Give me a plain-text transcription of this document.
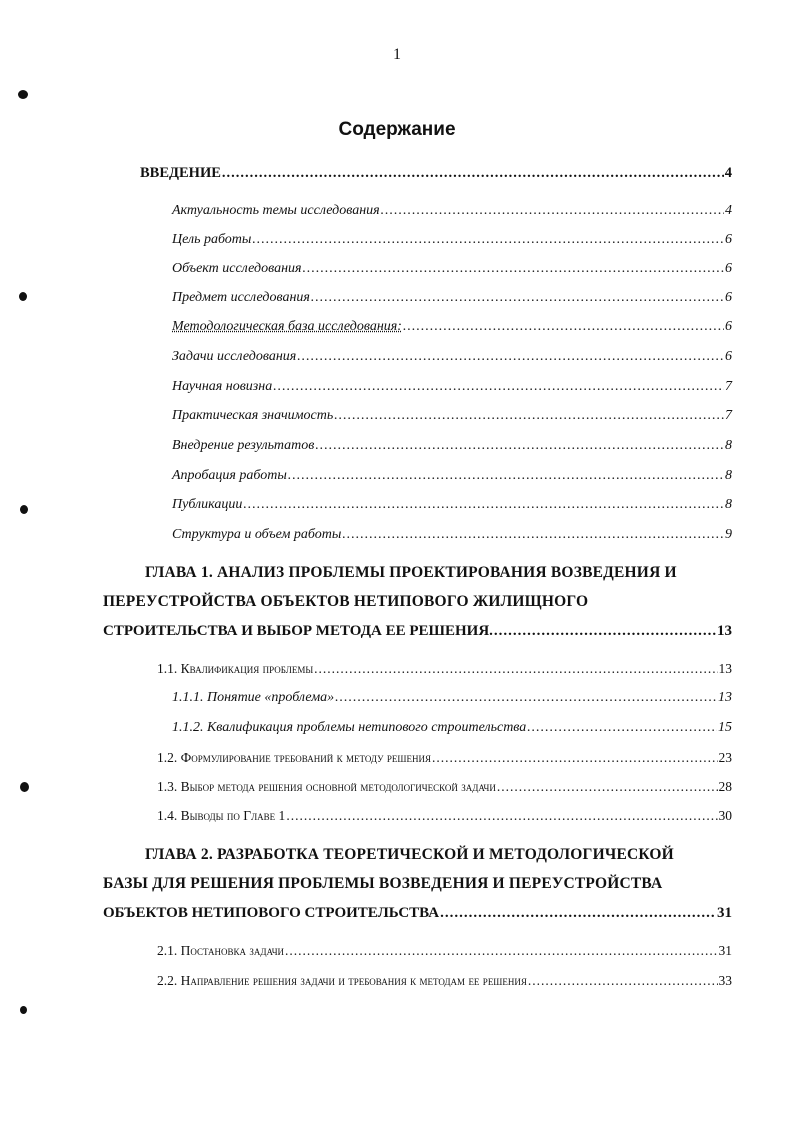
1
Содержание
ВВЕДЕНИЕ .....	4
Актуальность темы исследования .....	4
Цель работы .....	6
Объект исследования .....	6
Предмет исследования .....	6
Методологическая база исследования: .....	6
Задачи исследования .....	6
Научная новизна .....	7
Практическая значимость .....	7
Внедрение результатов .....	8
Апробация работы .....	8
Публикации .....	8
Структура и объем работы .....	9
ГЛАВА 1. АНАЛИЗ ПРОБЛЕМЫ ПРОЕКТИРОВАНИЯ ВОЗВЕДЕНИЯ И
ПЕРЕУСТРОЙСТВА ОБЪЕКТОВ НЕТИПОВОГО ЖИЛИЩНОГО
СТРОИТЕЛЬСТВА И ВЫБОР МЕТОДА ЕЕ РЕШЕНИЯ. .....	13
1.1. Квалификация проблемы .....	13
1.1.1. Понятие «проблема» .....	13
1.1.2. Квалификация проблемы нетипового строительства .....	15
1.2. Формулирование требований к методу решения .....	23
1.3. Выбор метода решения основной методологической задачи .....	28
1.4. Выводы по Главе 1 .....	30
ГЛАВА 2. РАЗРАБОТКА ТЕОРЕТИЧЕСКОЙ И МЕТОДОЛОГИЧЕСКОЙ
БАЗЫ ДЛЯ РЕШЕНИЯ ПРОБЛЕМЫ ВОЗВЕДЕНИЯ И ПЕРЕУСТРОЙСТВА
ОБЪЕКТОВ НЕТИПОВОГО СТРОИТЕЛЬСТВА .....	31
2.1. Постановка задачи .....	31
2.2. Направление решения задачи и требования к методам ее решения .....	33
